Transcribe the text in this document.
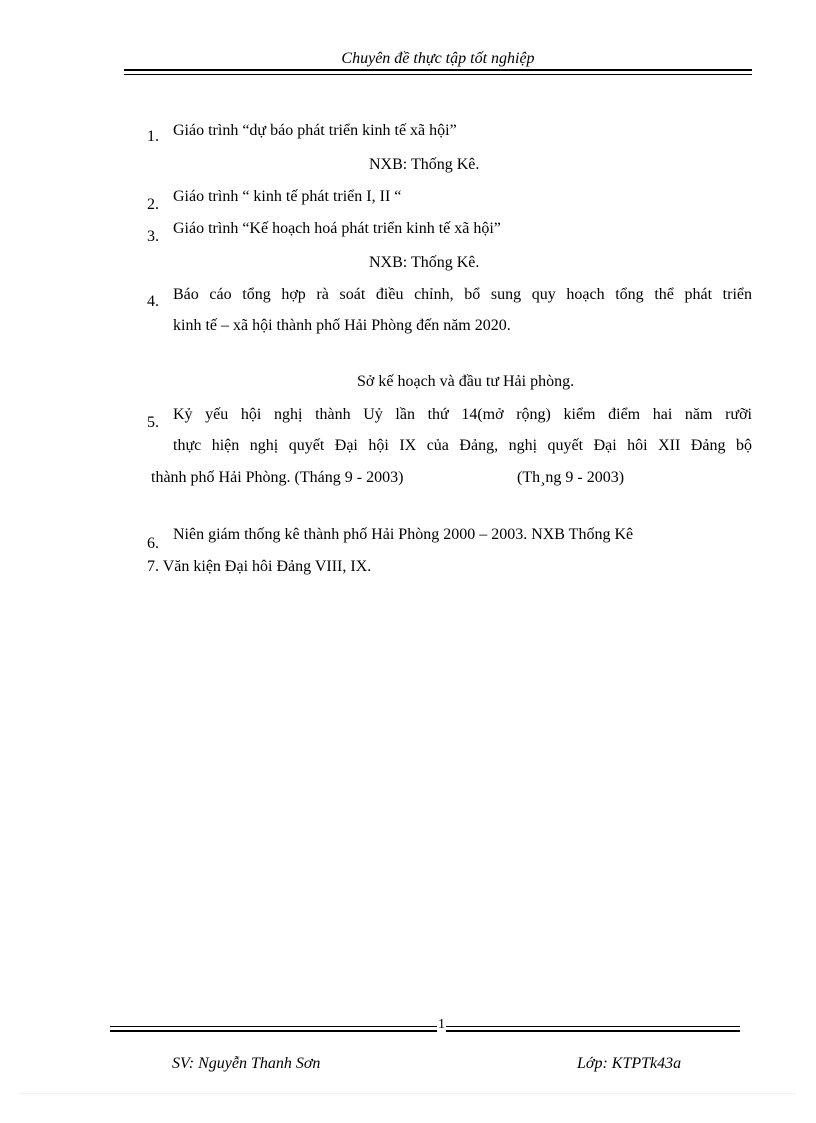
Chuyên đề thực tập tốt nghiệp
1. Giáo trình “dự báo phát triển kinh tế xã hội”
NXB: Thống Kê.
2. Giáo trình “ kinh tế phát triển I, II “
3. Giáo trình “Kế hoạch hoá phát triển kinh tế xã hội”
NXB: Thống Kê.
4. Báo cáo tổng hợp rà soát điều chỉnh, bổ sung quy hoạch tổng thể phát triển
kinh tế – xã hội thành phố Hải Phòng đến năm 2020.
Sở kế hoạch và đầu tư Hải phòng.
5. Kỷ yếu hội nghị thành Uỷ lần thứ 14(mở rộng) kiểm điểm hai năm rưỡi
thực hiện nghị quyết Đại hội IX của Đảng, nghị quyết Đại hôi XII Đảng bộ
thành phố Hải Phòng. (Tháng 9 - 2003)	(Th¸ng 9 - 2003)
6.
Niên giám thống kê thành phố Hải Phòng 2000 – 2003. NXB Thống Kê
7. Văn kiện Đại hôi Đảng VIII, IX.
1
SV: Nguyễn Thanh Sơn	Lớp: KTPTk43a
